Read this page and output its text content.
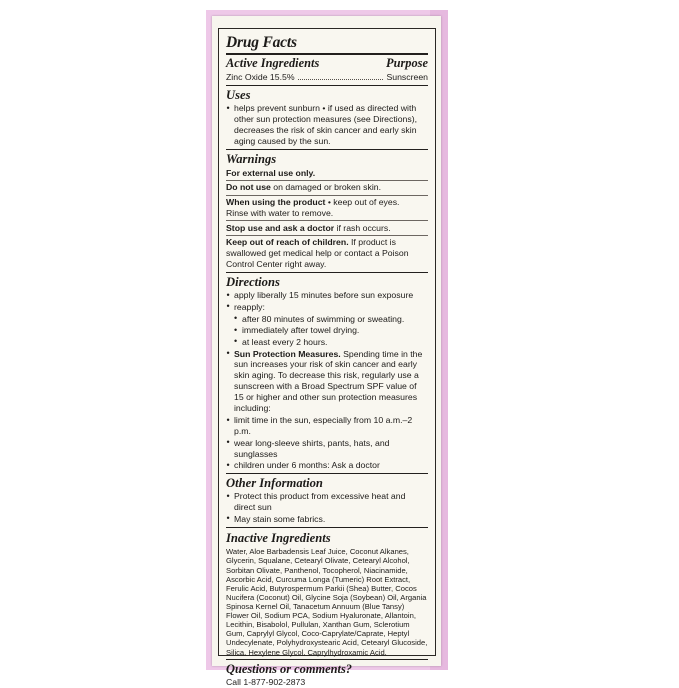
Drug Facts
Active Ingredients	Purpose
Zinc Oxide 15.5%	Sunscreen
Uses
• helps prevent sunburn • if used as directed with other sun protection measures (see Directions), decreases the risk of skin cancer and early skin aging caused by the sun.
Warnings
For external use only.
Do not use on damaged or broken skin.
When using the product • keep out of eyes.
Rinse with water to remove.
Stop use and ask a doctor if rash occurs.
Keep out of reach of children. If product is swallowed get medical help or contact a Poison Control Center right away.
Directions
• apply liberally 15 minutes before sun exposure
• reapply:
• after 80 minutes of swimming or sweating.
• immediately after towel drying.
• at least every 2 hours.
• Sun Protection Measures. Spending time in the sun increases your risk of skin cancer and early skin aging. To decrease this risk, regularly use a sunscreen with a Broad Spectrum SPF value of 15 or higher and other sun protection measures including:
• limit time in the sun, especially from 10 a.m.–2 p.m.
• wear long-sleeve shirts, pants, hats, and sunglasses
• children under 6 months: Ask a doctor
Other Information
• Protect this product from excessive heat and direct sun
• May stain some fabrics.
Inactive Ingredients
Water, Aloe Barbadensis Leaf Juice, Coconut Alkanes, Glycerin, Squalane, Cetearyl Olivate, Cetearyl Alcohol, Sorbitan Olivate, Panthenol, Tocopherol, Niacinamide, Ascorbic Acid, Curcuma Longa (Tumeric) Root Extract, Ferulic Acid, Butyrospermum Parkii (Shea) Butter, Cocos Nucifera (Coconut) Oil, Glycine Soja (Soybean) Oil, Argania Spinosa Kernel Oil, Tanacetum Annuum (Blue Tansy) Flower Oil, Sodium PCA, Sodium Hyaluronate, Allantoin, Lecithin, Bisabolol, Pullulan, Xanthan Gum, Sclerotium Gum, Caprylyl Glycol, Coco-Caprylate/Caprate, Heptyl Undecylenate, Polyhydroxystearic Acid, Cetearyl Glucoside, Silica, Hexylene Glycol, Caprylhydroxamic Acid.
Questions or comments?
Call 1-877-902-2873
